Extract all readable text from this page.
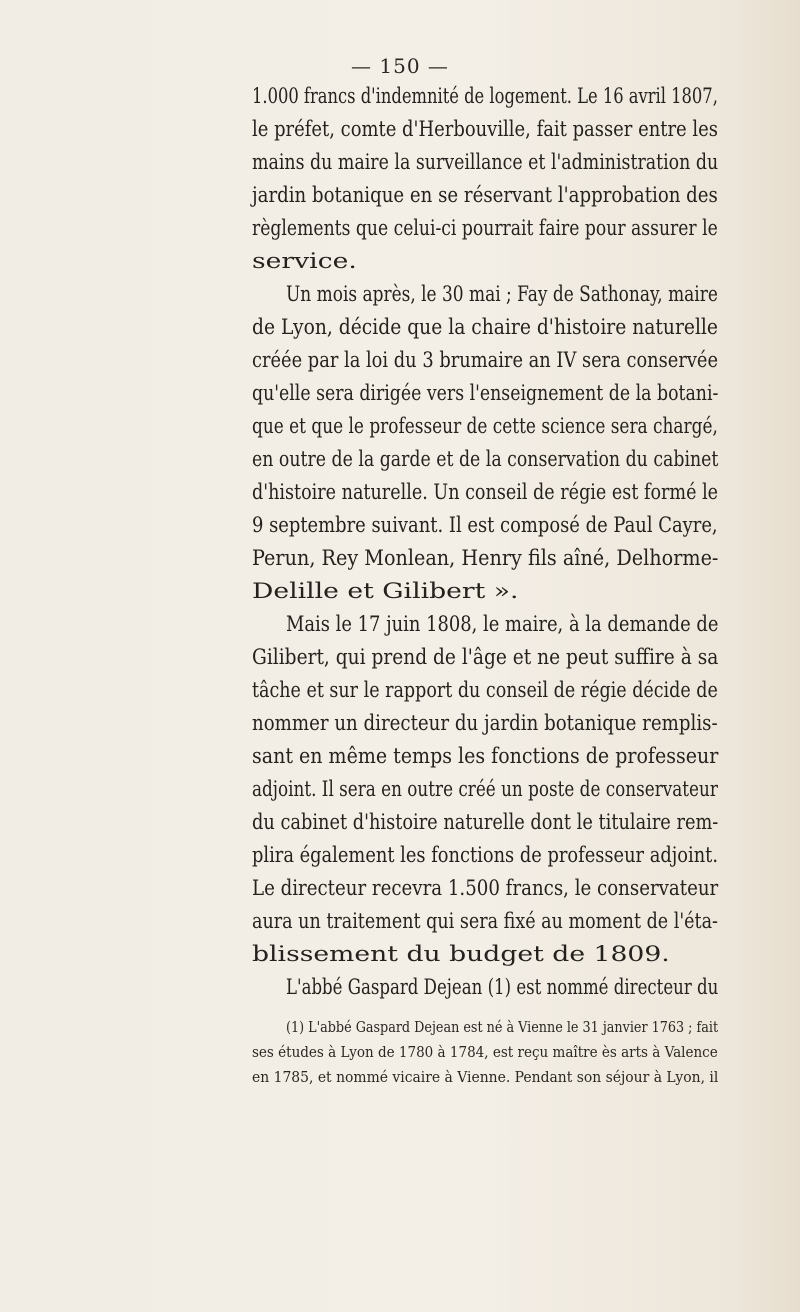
— 150 —
1.000 francs d'indemnité de logement. Le 16 avril 1807,
le préfet, comte d'Herbouville, fait passer entre les
mains du maire la surveillance et l'administration du
jardin botanique en se réservant l'approbation des
règlements que celui-ci pourrait faire pour assurer le
service.
Un mois après, le 30 mai ; Fay de Sathonay, maire
de Lyon, décide que la chaire d'histoire naturelle
créée par la loi du 3 brumaire an IV sera conservée
qu'elle sera dirigée vers l'enseignement de la botani-
que et que le professeur de cette science sera chargé,
en outre de la garde et de la conservation du cabinet
d'histoire naturelle. Un conseil de régie est formé le
9 septembre suivant. Il est composé de Paul Cayre,
Perun, Rey Monlean, Henry fils aîné, Delhorme-
Delille et Gilibert ».
Mais le 17 juin 1808, le maire, à la demande de
Gilibert, qui prend de l'âge et ne peut suffire à sa
tâche et sur le rapport du conseil de régie décide de
nommer un directeur du jardin botanique remplis-
sant en même temps les fonctions de professeur
adjoint. Il sera en outre créé un poste de conservateur
du cabinet d'histoire naturelle dont le titulaire rem-
plira également les fonctions de professeur adjoint.
Le directeur recevra 1.500 francs, le conservateur
aura un traitement qui sera fixé au moment de l'éta-
blissement du budget de 1809.
L'abbé Gaspard Dejean (1) est nommé directeur du
(1) L'abbé Gaspard Dejean est né à Vienne le 31 janvier 1763 ; fait
ses études à Lyon de 1780 à 1784, est reçu maître ès arts à Valence
en 1785, et nommé vicaire à Vienne. Pendant son séjour à Lyon, il
